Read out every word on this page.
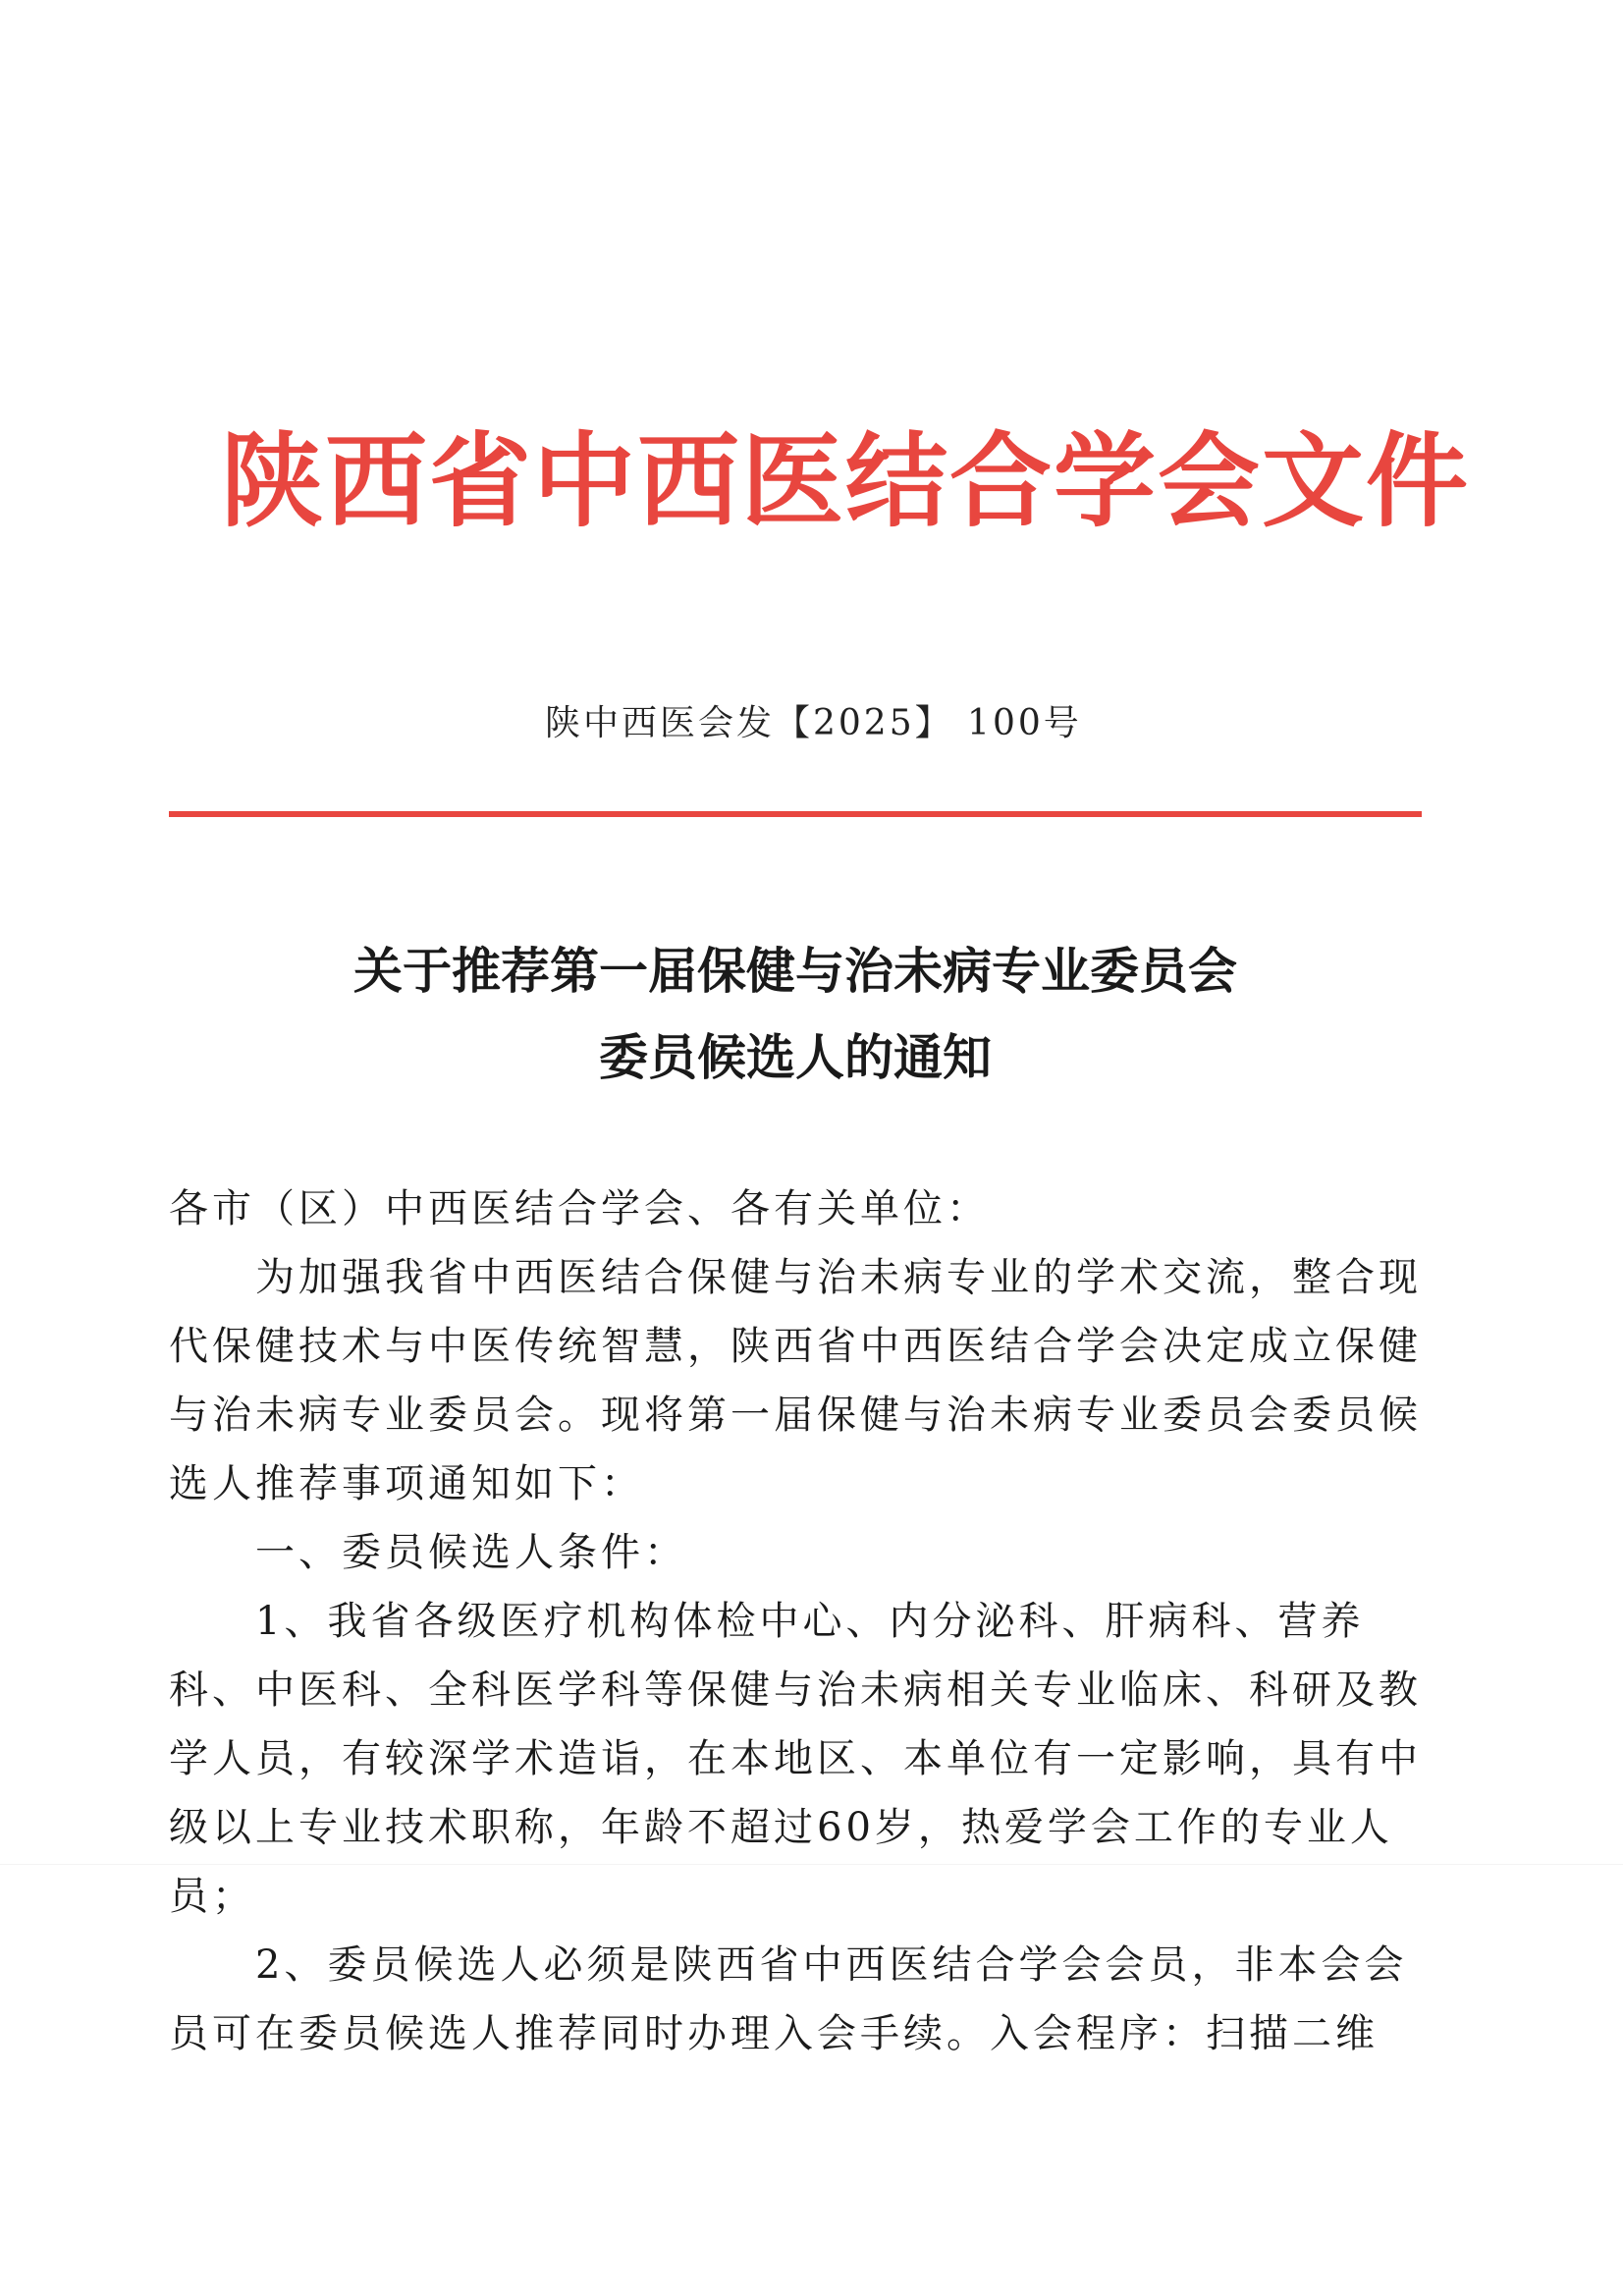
陕西省中西医结合学会文件
陕中西医会发【2025】 100号
关于推荐第一届保健与治未病专业委员会
委员候选人的通知

各市（区）中西医结合学会、各有关单位：

为加强我省中西医结合保健与治未病专业的学术交流，整合现代保健技术与中医传统智慧，陕西省中西医结合学会决定成立保健与治未病专业委员会。现将第一届保健与治未病专业委员会委员候选人推荐事项通知如下：

一、委员候选人条件：

1、我省各级医疗机构体检中心、内分泌科、肝病科、营养科、中医科、全科医学科等保健与治未病相关专业临床、科研及教学人员，有较深学术造诣，在本地区、本单位有一定影响，具有中级以上专业技术职称，年龄不超过60岁，热爱学会工作的专业人员；

2、委员候选人必须是陕西省中西医结合学会会员，非本会会员可在委员候选人推荐同时办理入会手续。入会程序：扫描二维
